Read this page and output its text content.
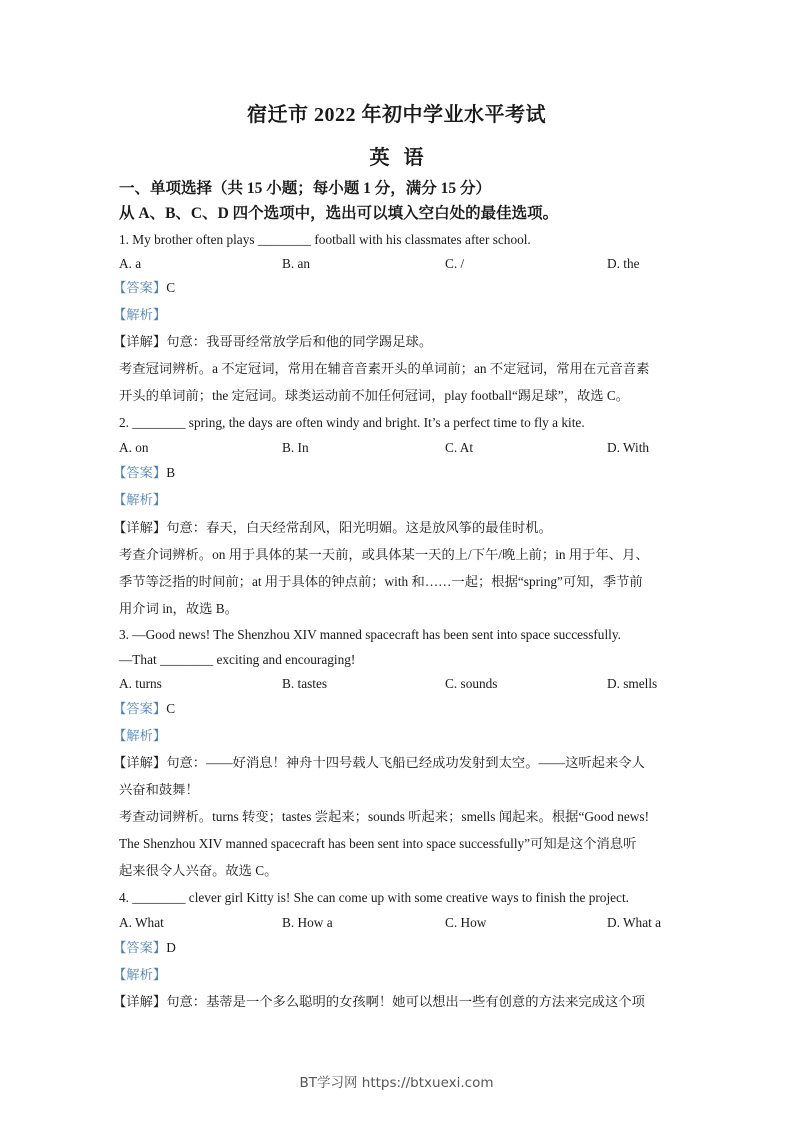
宿迁市 2022 年初中学业水平考试
英语
一、单项选择（共 15 小题；每小题 1 分，满分 15 分）
从 A、B、C、D 四个选项中，选出可以填入空白处的最佳选项。
1. My brother often plays ________ football with his classmates after school.
A. a	B. an	C. /	D. the
【答案】C
【解析】
【详解】句意：我哥哥经常放学后和他的同学踢足球。
考查冠词辨析。a 不定冠词，常用在辅音音素开头的单词前；an 不定冠词，常用在元音音素
开头的单词前；the 定冠词。球类运动前不加任何冠词，play football“踢足球”，故选 C。
2. ________ spring, the days are often windy and bright. It’s a perfect time to fly a kite.
A. on	B. In	C. At	D. With
【答案】B
【解析】
【详解】句意：春天，白天经常刮风，阳光明媚。这是放风筝的最佳时机。
考查介词辨析。on 用于具体的某一天前，或具体某一天的上/下午/晚上前；in 用于年、月、
季节等泛指的时间前；at 用于具体的钟点前；with 和……一起；根据“spring”可知，季节前
用介词 in，故选 B。
3. —Good news! The Shenzhou XIV manned spacecraft has been sent into space successfully.
—That ________ exciting and encouraging!
A. turns	B. tastes	C. sounds	D. smells
【答案】C
【解析】
【详解】句意：——好消息！神舟十四号载人飞船已经成功发射到太空。——这听起来令人
兴奋和鼓舞！
考查动词辨析。turns 转变；tastes 尝起来；sounds 听起来；smells 闻起来。根据“Good news!
The Shenzhou XIV manned spacecraft has been sent into space successfully”可知是这个消息听
起来很令人兴奋。故选 C。
4. ________ clever girl Kitty is! She can come up with some creative ways to finish the project.
A. What	B. How a	C. How	D. What a
【答案】D
【解析】
【详解】句意：基蒂是一个多么聪明的女孩啊！她可以想出一些有创意的方法来完成这个项
BT学习网 https://btxuexi.com
